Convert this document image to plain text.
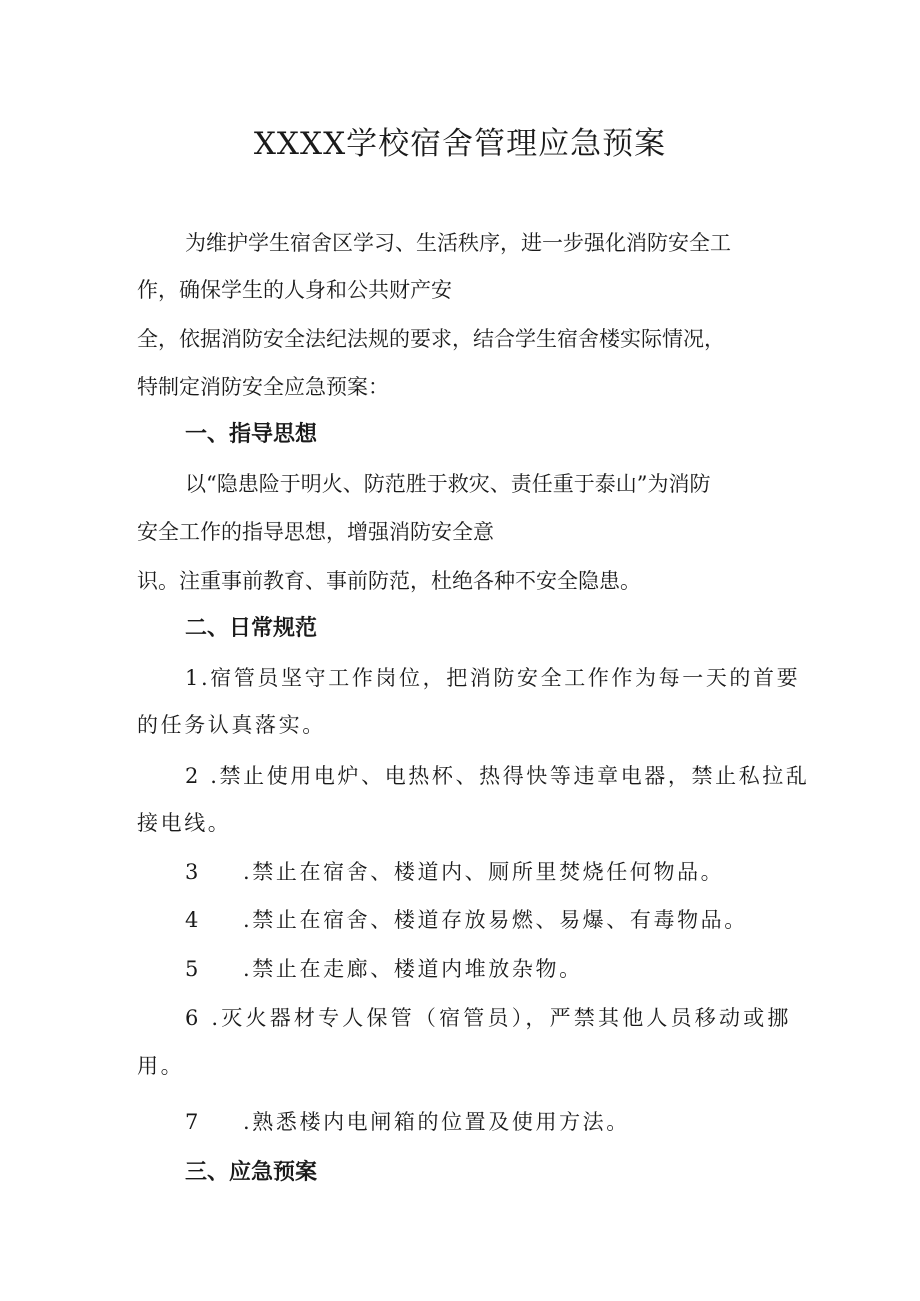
XXXX学校宿舍管理应急预案
为维护学生宿舍区学习、生活秩序，进一步强化消防安全工
作，确保学生的人身和公共财产安
全，依据消防安全法纪法规的要求，结合学生宿舍楼实际情况，
特制定消防安全应急预案：
一、指导思想
以“隐患险于明火、防范胜于救灾、责任重于泰山”为消防
安全工作的指导思想，增强消防安全意
识。注重事前教育、事前防范，杜绝各种不安全隐患。
二、日常规范
1.宿管员坚守工作岗位，把消防安全工作作为每一天的首要
的任务认真落实。
2 .禁止使用电炉、电热杯、热得快等违章电器，禁止私拉乱
接电线。
3 .禁止在宿舍、楼道内、厕所里焚烧任何物品。
4 .禁止在宿舍、楼道存放易燃、易爆、有毒物品。
5 .禁止在走廊、楼道内堆放杂物。
6 .灭火器材专人保管（宿管员），严禁其他人员移动或挪
用。
7 .熟悉楼内电闸箱的位置及使用方法。
三、应急预案
